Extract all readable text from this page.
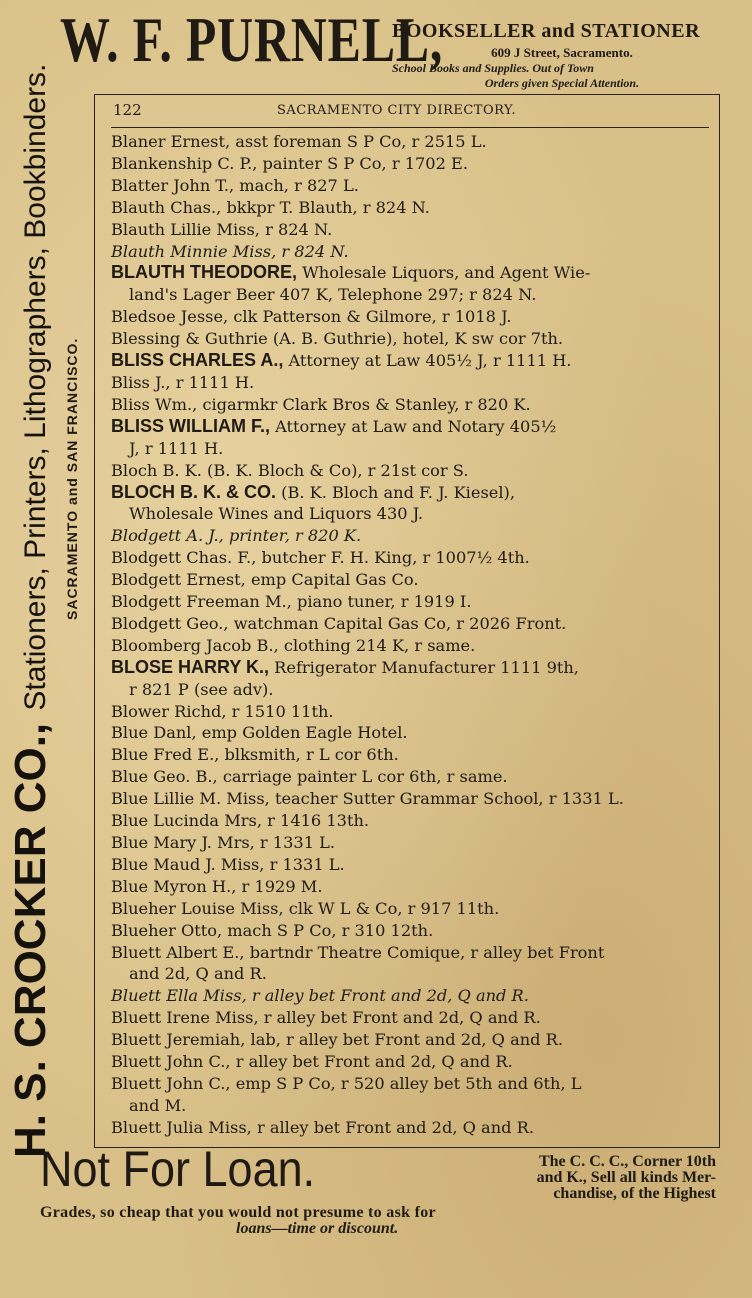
W. F. PURNELL,
BOOKSELLER and STATIONER
609 J Street, Sacramento.
School Books and Supplies. Out of Town
Orders given Special Attention.
H. S. CROCKER CO., Stationers, Printers, Lithographers, Bookbinders. SACRAMENTO and SAN FRANCISCO.
122	SACRAMENTO CITY DIRECTORY.
Blaner Ernest, asst foreman S P Co, r 2515 L.
Blankenship C. P., painter S P Co, r 1702 E.
Blatter John T., mach, r 827 L.
Blauth Chas., bkkpr T. Blauth, r 824 N.
Blauth Lillie Miss, r 824 N.
Blauth Minnie Miss, r 824 N.
BLAUTH THEODORE, Wholesale Liquors, and Agent Wie-
land's Lager Beer 407 K, Telephone 297; r 824 N.
Bledsoe Jesse, clk Patterson & Gilmore, r 1018 J.
Blessing & Guthrie (A. B. Guthrie), hotel, K sw cor 7th.
BLISS CHARLES A., Attorney at Law 405½ J, r 1111 H.
Bliss J., r 1111 H.
Bliss Wm., cigarmkr Clark Bros & Stanley, r 820 K.
BLISS WILLIAM F., Attorney at Law and Notary 405½
J, r 1111 H.
Bloch B. K. (B. K. Bloch & Co), r 21st cor S.
BLOCH B. K. & CO. (B. K. Bloch and F. J. Kiesel),
Wholesale Wines and Liquors 430 J.
Blodgett A. J., printer, r 820 K.
Blodgett Chas. F., butcher F. H. King, r 1007½ 4th.
Blodgett Ernest, emp Capital Gas Co.
Blodgett Freeman M., piano tuner, r 1919 I.
Blodgett Geo., watchman Capital Gas Co, r 2026 Front.
Bloomberg Jacob B., clothing 214 K, r same.
BLOSE HARRY K., Refrigerator Manufacturer 1111 9th,
r 821 P (see adv).
Blower Richd, r 1510 11th.
Blue Danl, emp Golden Eagle Hotel.
Blue Fred E., blksmith, r L cor 6th.
Blue Geo. B., carriage painter L cor 6th, r same.
Blue Lillie M. Miss, teacher Sutter Grammar School, r 1331 L.
Blue Lucinda Mrs, r 1416 13th.
Blue Mary J. Mrs, r 1331 L.
Blue Maud J. Miss, r 1331 L.
Blue Myron H., r 1929 M.
Blueher Louise Miss, clk W L & Co, r 917 11th.
Blueher Otto, mach S P Co, r 310 12th.
Bluett Albert E., bartndr Theatre Comique, r alley bet Front
and 2d, Q and R.
Bluett Ella Miss, r alley bet Front and 2d, Q and R.
Bluett Irene Miss, r alley bet Front and 2d, Q and R.
Bluett Jeremiah, lab, r alley bet Front and 2d, Q and R.
Bluett John C., r alley bet Front and 2d, Q and R.
Bluett John C., emp S P Co, r 520 alley bet 5th and 6th, L
and M.
Bluett Julia Miss, r alley bet Front and 2d, Q and R.
Not For Loan.	The C. C. C., Corner 10th
and K., Sell all kinds Mer-
chandise, of the Highest
Grades, so cheap that you would not presume to ask for
loans—time or discount.
